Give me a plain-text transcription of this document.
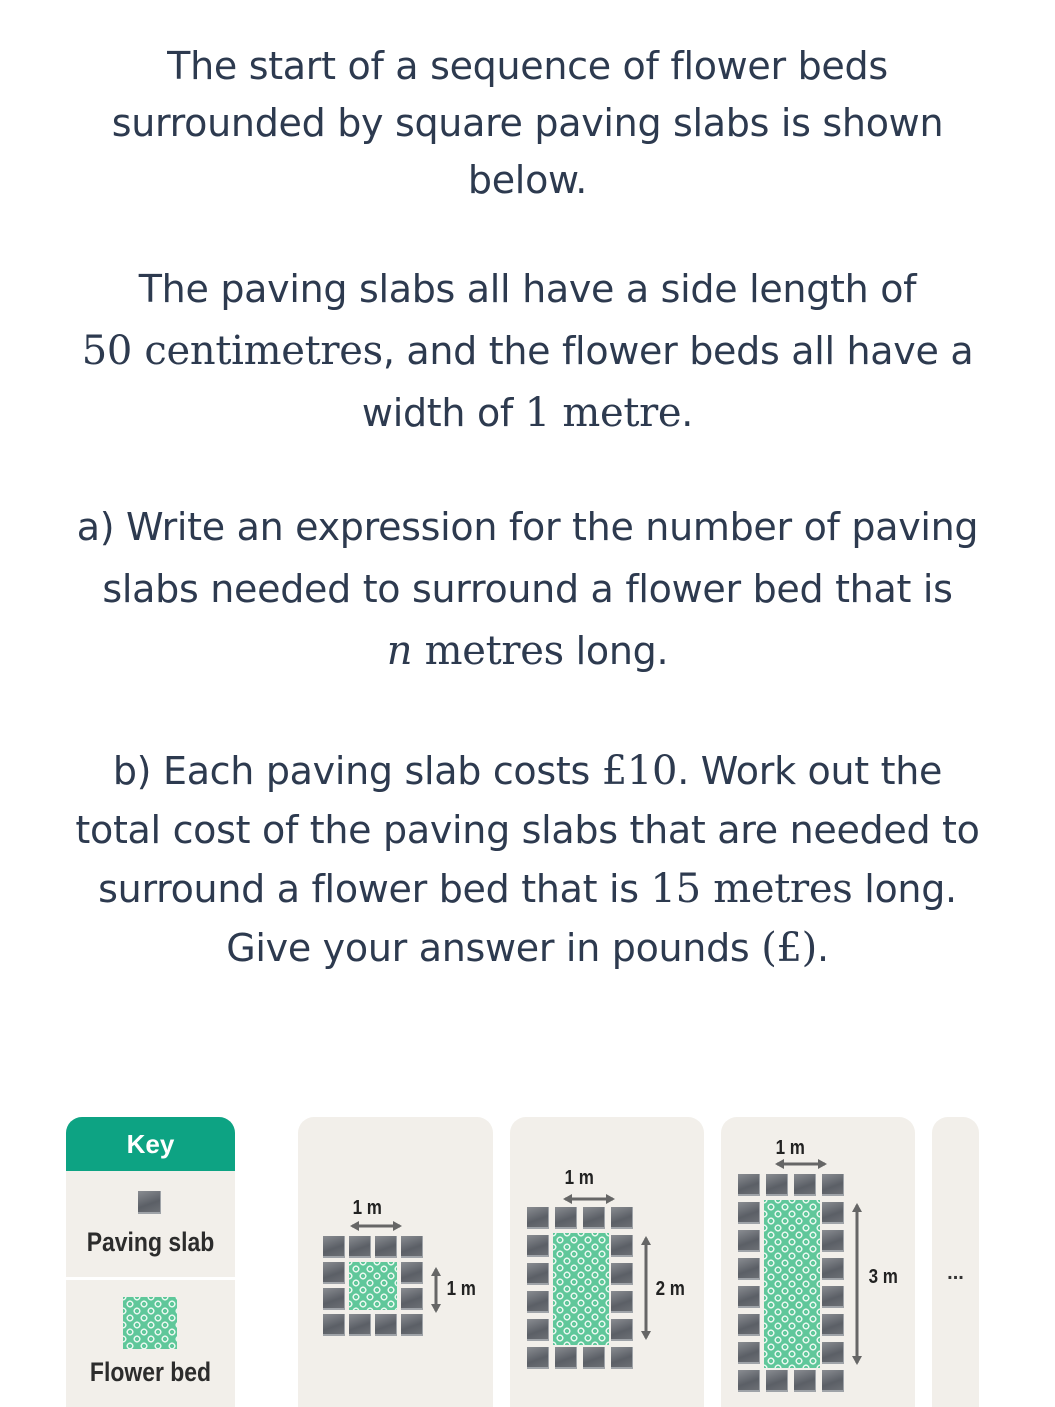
The start of a sequence of flower beds
surrounded by square paving slabs is shown
below.
The paving slabs all have a side length of
50 centimetres, and the flower beds all have a
width of 1 metre.
a) Write an expression for the number of paving
slabs needed to surround a flower bed that is
n metres long.
b) Each paving slab costs £10. Work out the
total cost of the paving slabs that are needed to
surround a flower bed that is 15 metres long.
Give your answer in pounds (£).
Key
Paving slab
Flower bed
1 m
1 m
1 m
2 m
1 m
3 m	...
